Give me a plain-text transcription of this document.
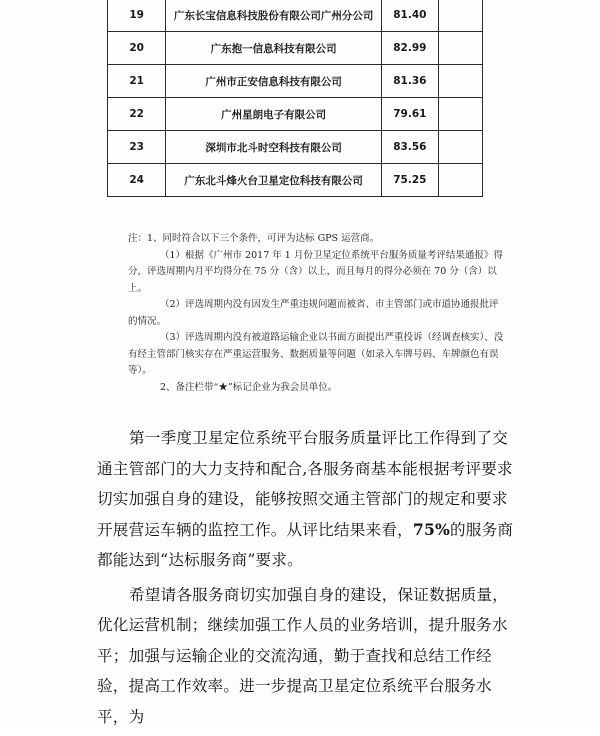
19	广东长宝信息科技股份有限公司广州分公司	81.40	
20	广东抱一信息科技有限公司	82.99	
21	广州市正安信息科技有限公司	81.36	
22	广州星朗电子有限公司	79.61	
23	深圳市北斗时空科技有限公司	83.56	
24	广东北斗烽火台卫星定位科技有限公司	75.25	

注：1、同时符合以下三个条件，可评为达标 GPS 运营商。

（1）根据《广州市 2017 年 1 月份卫星定位系统平台服务质量考评结果通报》得分，评选周期内月平均得分在 75 分（含）以上，而且每月的得分必须在 70 分（含）以上。

（2）评选周期内没有因发生严重违规问题而被省、市主管部门或市道协通报批评的情况。

（3）评选周期内没有被道路运输企业以书面方面提出严重投诉（经调查核实）、没有经主管部门核实存在严重运营服务、数据质量等问题（如录入车牌号码、车牌颜色有误等）。

2、备注栏带“★”标记企业为我会员单位。

第一季度卫星定位系统平台服务质量评比工作得到了交通主管部门的大力支持和配合,各服务商基本能根据考评要求切实加强自身的建设，能够按照交通主管部门的规定和要求开展营运车辆的监控工作。从评比结果来看，75%的服务商都能达到“达标服务商”要求。

希望请各服务商切实加强自身的建设，保证数据质量，优化运营机制；继续加强工作人员的业务培训，提升服务水平；加强与运输企业的交流沟通，勤于查找和总结工作经验，提高工作效率。进一步提高卫星定位系统平台服务水平，为
